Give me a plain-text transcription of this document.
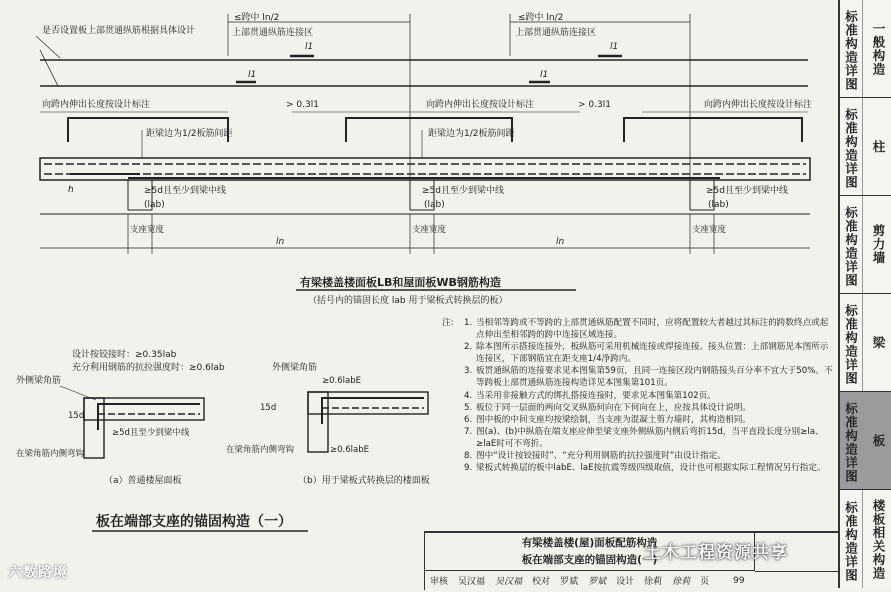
≤跨中 ln/2	≤跨中 ln/2
上部贯通纵筋连接区	上部贯通纵筋连接区
是否设置板上部贯通纵筋根据具体设计
l1	l1
l1	l1
向跨内伸出长度按设计标注	向跨内伸出长度按设计标注	向跨内伸出长度按设计标注
> 0.3l1	> 0.3l1
距梁边为1/2板筋间距	距梁边为1/2板筋间距
h	≥5d且至少到梁中线	≥5d且至少到梁中线	≥5d且至少到梁中线
(lab)	(lab)	(lab)
支座宽度	支座宽度	支座宽度
ln	ln
有梁楼盖楼面板LB和屋面板WB钢筋构造
（括号内的锚固长度 lab 用于梁板式转换层的板）
设计按铰接时：≥0.35lab
充分利用钢筋的抗拉强度时：≥0.6lab
外侧梁角筋
15d
≥5d且至少到梁中线
在梁角筋内侧弯钩
（a）普通楼屋面板
外侧梁角筋
≥0.6labE
15d
在梁角筋内侧弯钩	≥0.6labE
（b）用于梁板式转换层的楼面板
板在端部支座的锚固构造（一）
注:	1. 当相邻等跨或不等跨的上部贯通纵筋配置不同时，应将配置较大者越过其标注的跨数终点或起点伸出至相邻跨的跨中连接区域连接。
2. 除本图所示搭接连接外，板纵筋可采用机械连接或焊接连接。接头位置：上部钢筋见本图所示连接区，下部钢筋宜在距支座1/4净跨内。
3. 板贯通纵筋的连接要求见本图集第59页，且同一连接区段内钢筋接头百分率不宜大于50%。不等跨板上部贯通纵筋连接构造详见本图集第101页。
4. 当采用非接触方式的绑扎搭接连接时，要求见本图集第102页。
5. 板位于同一层面的两向交叉纵筋何向在下何向在上，应按具体设计说明。
6. 图中板的中间支座均按梁绘制，当支座为混凝土剪力墙时，其构造相同。
7. 图(a)、(b)中纵筋在端支座应伸至梁支座外侧纵筋内侧后弯折15d，当平直段长度分别≥la、≥laE时可不弯折。
8. 图中“设计按铰接时”、“充分利用钢筋的抗拉强度时”由设计指定。
9. 梁板式转换层的板中labE、laE按抗震等级四级取值，设计也可根据实际工程情况另行指定。
有梁楼盖楼(屋)面板配筋构造
板在端部支座的锚固构造(一)
审核	吴汉福	吴汉福	校对	罗斌	罗斌	设计	徐莉	徐莉	页	99
标准构造详图	一般构造
标准构造详图	柱
标准构造详图	剪力墙
标准构造详图	梁
标准构造详图	板
标准构造详图	楼板相关构造
六数路境
土木工程资源共享
